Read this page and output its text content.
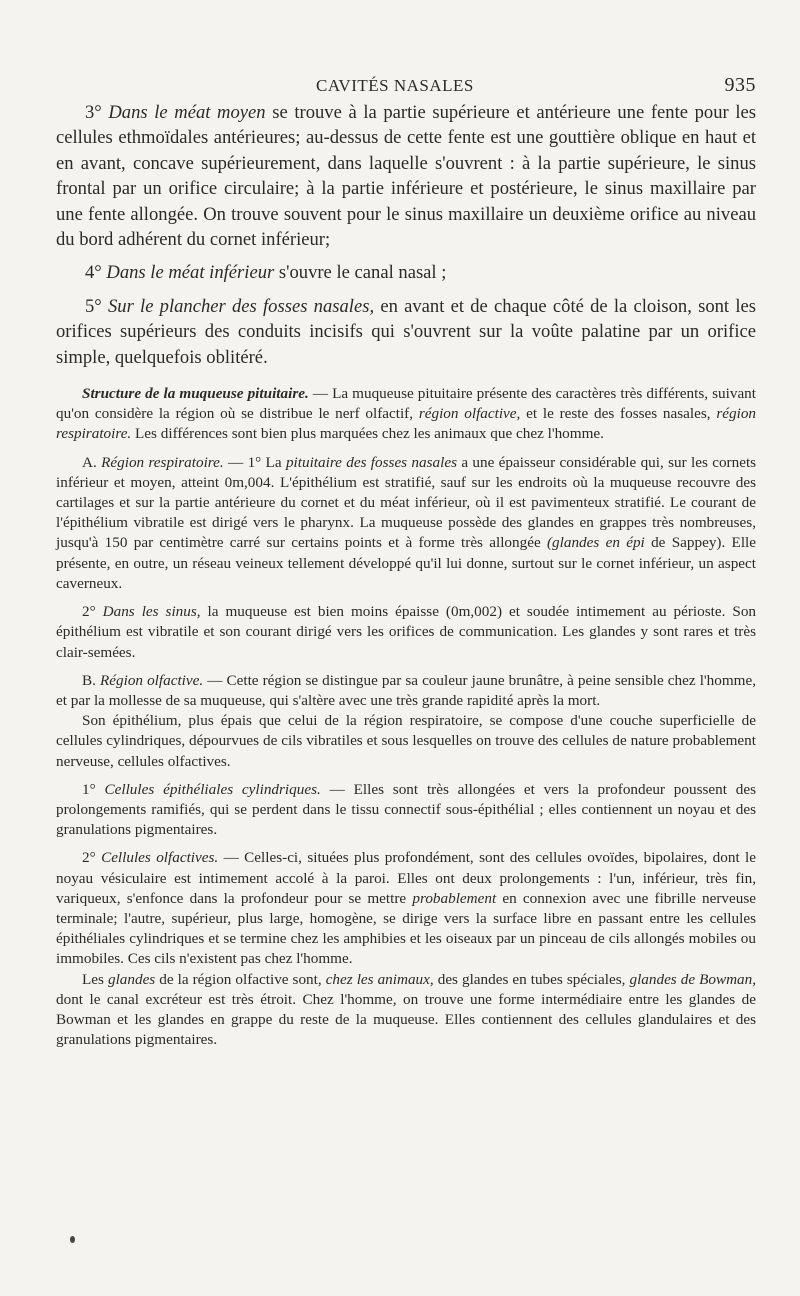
CAVITÉS NASALES	935

3° Dans le méat moyen se trouve à la partie supérieure et antérieure une fente pour les cellules ethmoïdales antérieures; au-dessus de cette fente est une gouttière oblique en haut et en avant, concave supérieurement, dans laquelle s'ouvrent : à la partie supérieure, le sinus frontal par un orifice circulaire; à la partie inférieure et postérieure, le sinus maxillaire par une fente allongée. On trouve souvent pour le sinus maxillaire un deuxième orifice au niveau du bord adhérent du cornet inférieur;

4° Dans le méat inférieur s'ouvre le canal nasal ;

5° Sur le plancher des fosses nasales, en avant et de chaque côté de la cloison, sont les orifices supérieurs des conduits incisifs qui s'ouvrent sur la voûte palatine par un orifice simple, quelquefois oblitéré.

Structure de la muqueuse pituitaire. — La muqueuse pituitaire présente des caractères très différents, suivant qu'on considère la région où se distribue le nerf olfactif, région olfactive, et le reste des fosses nasales, région respiratoire. Les différences sont bien plus marquées chez les animaux que chez l'homme.

A. Région respiratoire. — 1° La pituitaire des fosses nasales a une épaisseur considérable qui, sur les cornets inférieur et moyen, atteint 0m,004. L'épithélium est stratifié, sauf sur les endroits où la muqueuse recouvre des cartilages et sur la partie antérieure du cornet et du méat inférieur, où il est pavimenteux stratifié. Le courant de l'épithélium vibratile est dirigé vers le pharynx. La muqueuse possède des glandes en grappes très nombreuses, jusqu'à 150 par centimètre carré sur certains points et à forme très allongée (glandes en épi de Sappey). Elle présente, en outre, un réseau veineux tellement développé qu'il lui donne, surtout sur le cornet inférieur, un aspect caverneux.

2° Dans les sinus, la muqueuse est bien moins épaisse (0m,002) et soudée intimement au périoste. Son épithélium est vibratile et son courant dirigé vers les orifices de communication. Les glandes y sont rares et très clair-semées.

B. Région olfactive. — Cette région se distingue par sa couleur jaune brunâtre, à peine sensible chez l'homme, et par la mollesse de sa muqueuse, qui s'altère avec une très grande rapidité après la mort.

Son épithélium, plus épais que celui de la région respiratoire, se compose d'une couche superficielle de cellules cylindriques, dépourvues de cils vibratiles et sous lesquelles on trouve des cellules de nature probablement nerveuse, cellules olfactives.

1° Cellules épithéliales cylindriques. — Elles sont très allongées et vers la profondeur poussent des prolongements ramifiés, qui se perdent dans le tissu connectif sous-épithélial ; elles contiennent un noyau et des granulations pigmentaires.

2° Cellules olfactives. — Celles-ci, situées plus profondément, sont des cellules ovoïdes, bipolaires, dont le noyau vésiculaire est intimement accolé à la paroi. Elles ont deux prolongements : l'un, inférieur, très fin, variqueux, s'enfonce dans la profondeur pour se mettre probablement en connexion avec une fibrille nerveuse terminale; l'autre, supérieur, plus large, homogène, se dirige vers la surface libre en passant entre les cellules épithéliales cylindriques et se termine chez les amphibies et les oiseaux par un pinceau de cils allongés mobiles ou immobiles. Ces cils n'existent pas chez l'homme.

Les glandes de la région olfactive sont, chez les animaux, des glandes en tubes spéciales, glandes de Bowman, dont le canal excréteur est très étroit. Chez l'homme, on trouve une forme intermédiaire entre les glandes de Bowman et les glandes en grappe du reste de la muqueuse. Elles contiennent des cellules glandulaires et des granulations pigmentaires.
